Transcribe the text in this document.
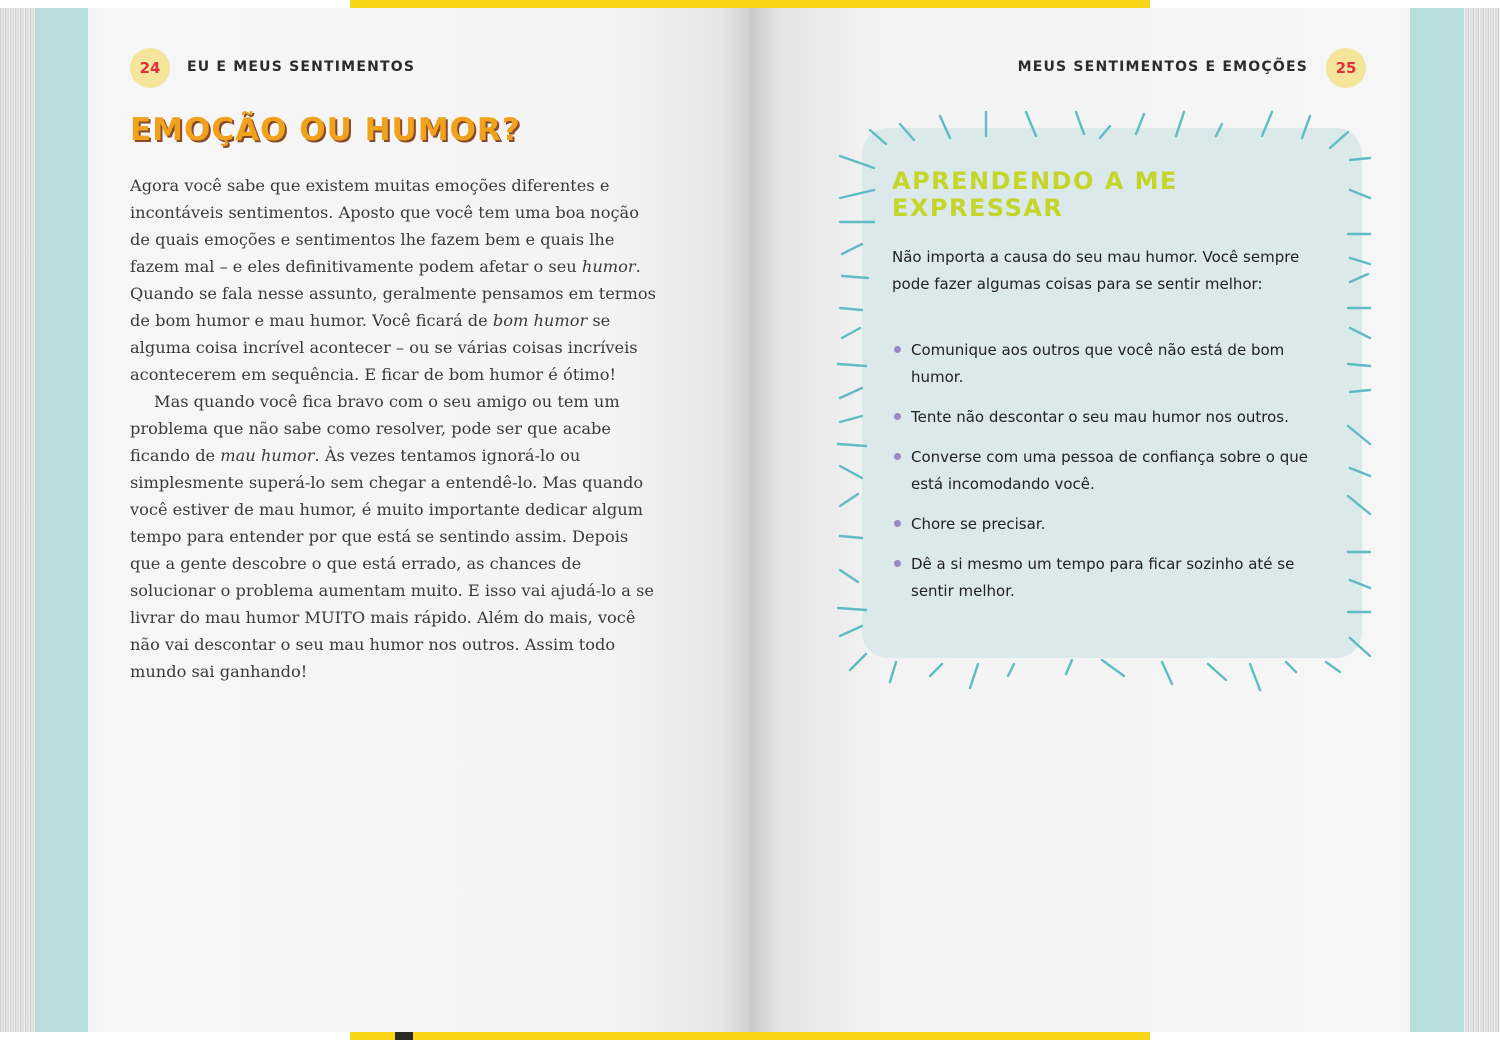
24	EU E MEUS SENTIMENTOS
EMOÇÃO OU HUMOR?

Agora você sabe que existem muitas emoções diferentes e incontáveis sentimentos. Aposto que você tem uma boa noção de quais emoções e sentimentos lhe fazem bem e quais lhe fazem mal – e eles definitivamente podem afetar o seu humor. Quando se fala nesse assunto, geralmente pensamos em termos de bom humor e mau humor. Você ficará de bom humor se alguma coisa incrível acontecer – ou se várias coisas incríveis acontecerem em sequência. E ficar de bom humor é ótimo!

Mas quando você fica bravo com o seu amigo ou tem um problema que não sabe como resolver, pode ser que acabe ficando de mau humor. Às vezes tentamos ignorá-lo ou simplesmente superá-lo sem chegar a entendê-lo. Mas quando você estiver de mau humor, é muito importante dedicar algum tempo para entender por que está se sentindo assim. Depois que a gente descobre o que está errado, as chances de solucionar o problema aumentam muito. E isso vai ajudá-lo a se livrar do mau humor MUITO mais rápido. Além do mais, você não vai descontar o seu mau humor nos outros. Assim todo mundo sai ganhando!

MEUS SENTIMENTOS E EMOÇÕES	25
APRENDENDO A ME EXPRESSAR
Não importa a causa do seu mau humor. Você sempre pode fazer algumas coisas para se sentir melhor:
Comunique aos outros que você não está de bom humor.
Tente não descontar o seu mau humor nos outros.
Converse com uma pessoa de confiança sobre o que está incomodando você.
Chore se precisar.
Dê a si mesmo um tempo para ficar sozinho até se sentir melhor.
